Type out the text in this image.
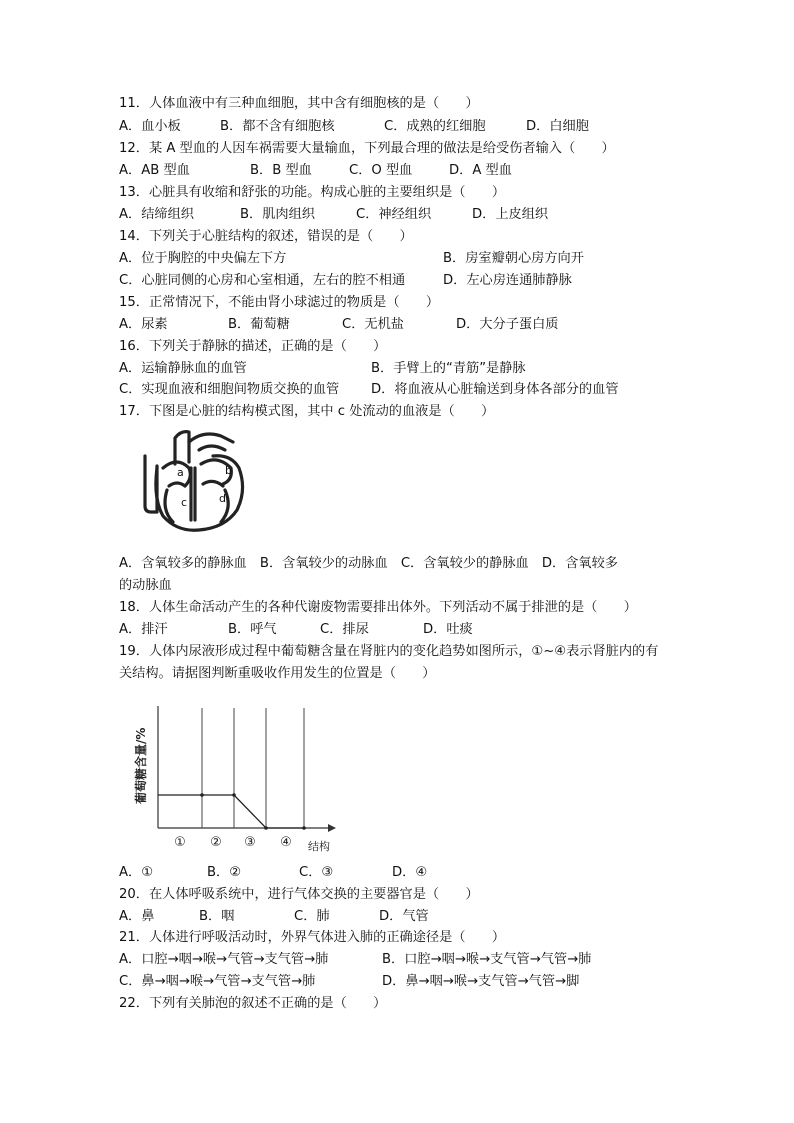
11．人体血液中有三种血细胞，其中含有细胞核的是（　　）
A．血小板	B．都不含有细胞核	C．成熟的红细胞	D．白细胞
12．某 A 型血的人因车祸需要大量输血，下列最合理的做法是给受伤者输入（　　）
A．AB 型血	B．B 型血	C．O 型血	D．A 型血
13．心脏具有收缩和舒张的功能。构成心脏的主要组织是（　　）
A．结缔组织	B．肌肉组织	C．神经组织	D．上皮组织
14．下列关于心脏结构的叙述，错误的是（　　）
A．位于胸腔的中央偏左下方	B．房室瓣朝心房方向开
C．心脏同侧的心房和心室相通，左右的腔不相通	D．左心房连通肺静脉
15．正常情况下，不能由肾小球滤过的物质是（　　）
A．尿素	B．葡萄糖	C．无机盐	D．大分子蛋白质
16．下列关于静脉的描述，正确的是（　　）
A．运输静脉血的血管	B．手臂上的“青筋”是静脉
C．实现血液和细胞间物质交换的血管 D．将血液从心脏输送到身体各部分的血管
17．下图是心脏的结构模式图，其中 c 处流动的血液是（　　）
a	b
c	d
A．含氧较多的静脉血　B．含氧较少的动脉血　C．含氧较少的静脉血　D．含氧较多
的动脉血
18．人体生命活动产生的各种代谢废物需要排出体外。下列活动不属于排泄的是（　　）
A．排汗	B．呼气	C．排尿	D．吐痰
19．人体内尿液形成过程中葡萄糖含量在肾脏内的变化趋势如图所示，①~④表示肾脏内的有
关结构。请据图判断重吸收作用发生的位置是（　　）
葡萄糖含量/%
结构
① ② ③ ④
A．①	B．②	C．③	D．④
20．在人体呼吸系统中，进行气体交换的主要器官是（　　）
A．鼻	B．咽	C．肺	D．气管
21．人体进行呼吸活动时，外界气体进入肺的正确途径是（　　）
A．口腔→咽→喉→气管→支气管→肺	B．口腔→咽→喉→支气管→气管→肺
C．鼻→咽→喉→气管→支气管→肺	D．鼻→咽→喉→支气管→气管→脚
22．下列有关肺泡的叙述不正确的是（　　）
